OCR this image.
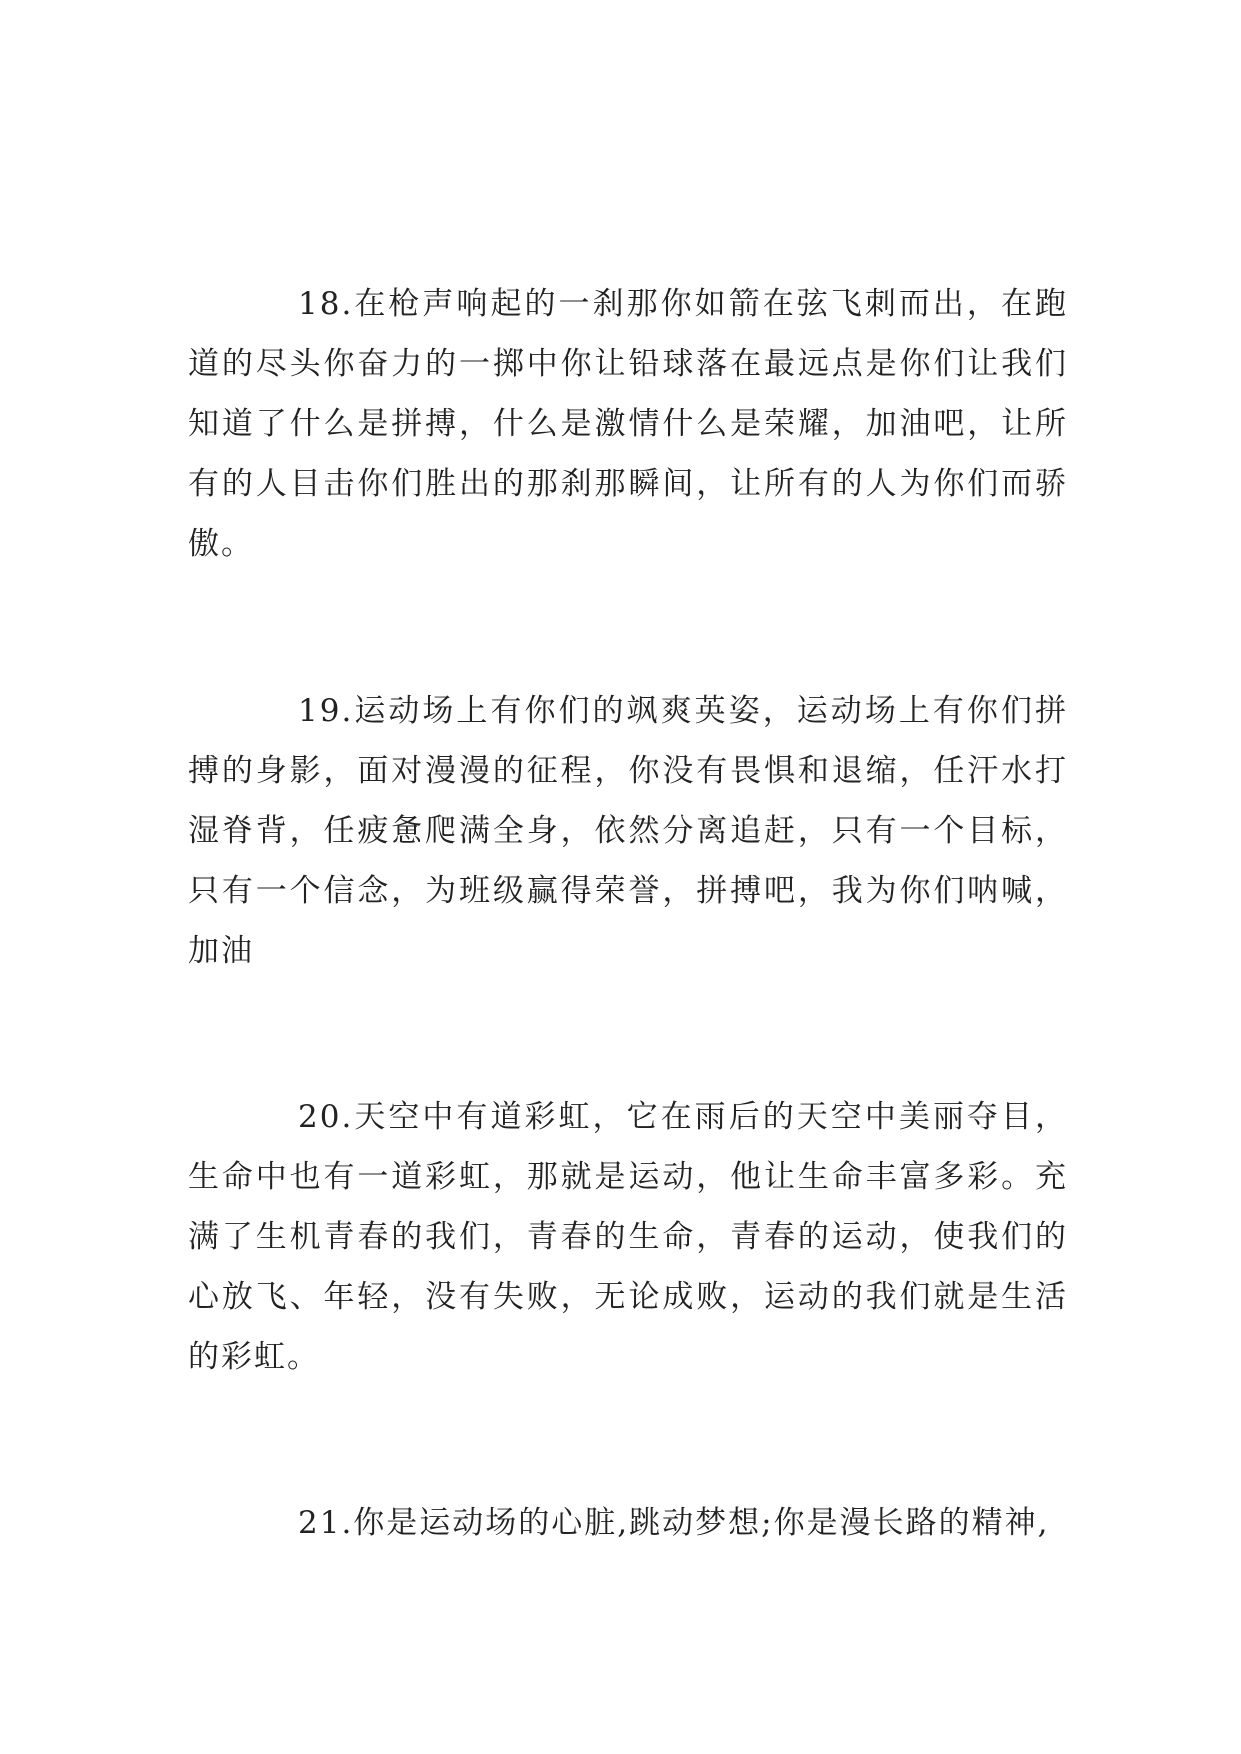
18.在枪声响起的一刹那你如箭在弦飞刺而出，在跑道的尽头你奋力的一掷中你让铅球落在最远点是你们让我们知道了什么是拼搏，什么是激情什么是荣耀，加油吧，让所有的人目击你们胜出的那刹那瞬间，让所有的人为你们而骄傲。

19.运动场上有你们的飒爽英姿，运动场上有你们拼搏的身影，面对漫漫的征程，你没有畏惧和退缩，任汗水打湿脊背，任疲惫爬满全身，依然分离追赶，只有一个目标，只有一个信念，为班级赢得荣誉，拼搏吧，我为你们呐喊，加油

20.天空中有道彩虹，它在雨后的天空中美丽夺目，生命中也有一道彩虹，那就是运动，他让生命丰富多彩。充满了生机青春的我们，青春的生命，青春的运动，使我们的心放飞、年轻，没有失败，无论成败，运动的我们就是生活的彩虹。

21.你是运动场的心脏,跳动梦想;你是漫长路的精神,
